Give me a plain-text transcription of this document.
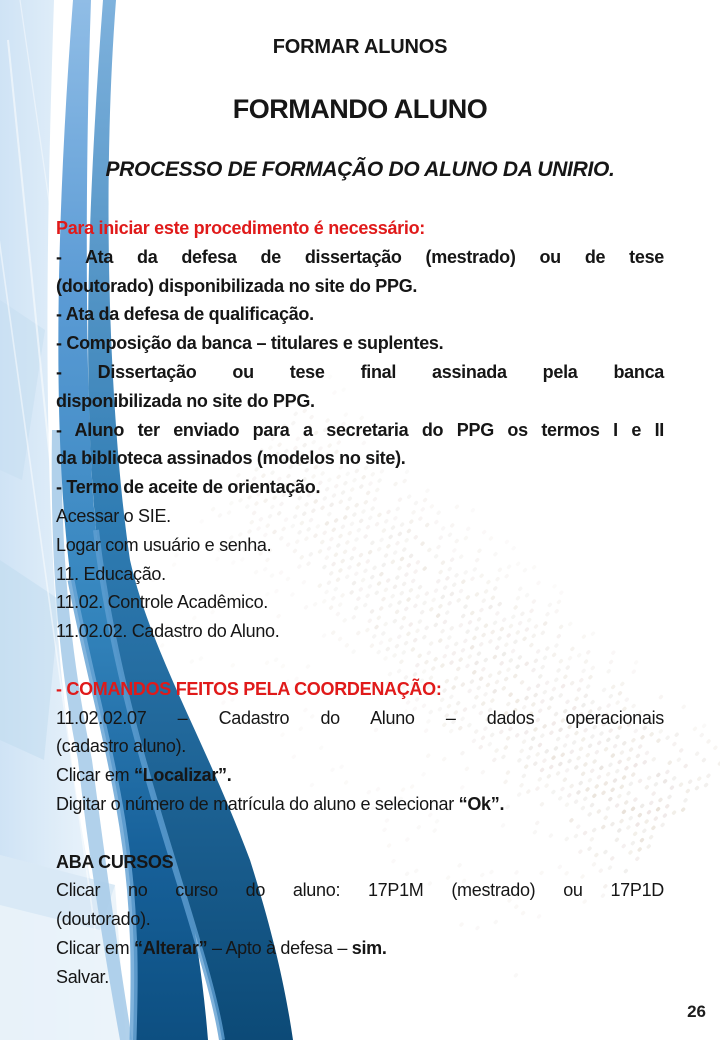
FORMAR ALUNOS
FORMANDO ALUNO
PROCESSO DE FORMAÇÃO DO ALUNO DA UNIRIO.
Para iniciar este procedimento é necessário:
- Ata da defesa de dissertação (mestrado) ou de tese
(doutorado) disponibilizada no site do PPG.
- Ata da defesa de qualificação.
- Composição da banca – titulares e suplentes.
- Dissertação ou tese final assinada pela banca
disponibilizada no site do PPG.
- Aluno ter enviado para a secretaria do PPG os termos I e II
da biblioteca assinados (modelos no site).
- Termo de aceite de orientação.
Acessar o SIE.
Logar com usuário e senha.
11. Educação.
11.02. Controle Acadêmico.
11.02.02. Cadastro do Aluno.
- COMANDOS FEITOS PELA COORDENAÇÃO:
11.02.02.07 – Cadastro do Aluno – dados operacionais
(cadastro aluno).
Clicar em “Localizar”.
Digitar o número de matrícula do aluno e selecionar “Ok”.
ABA CURSOS
Clicar no curso do aluno: 17P1M (mestrado) ou 17P1D
(doutorado).
Clicar em “Alterar” – Apto à defesa – sim.
Salvar.
26
